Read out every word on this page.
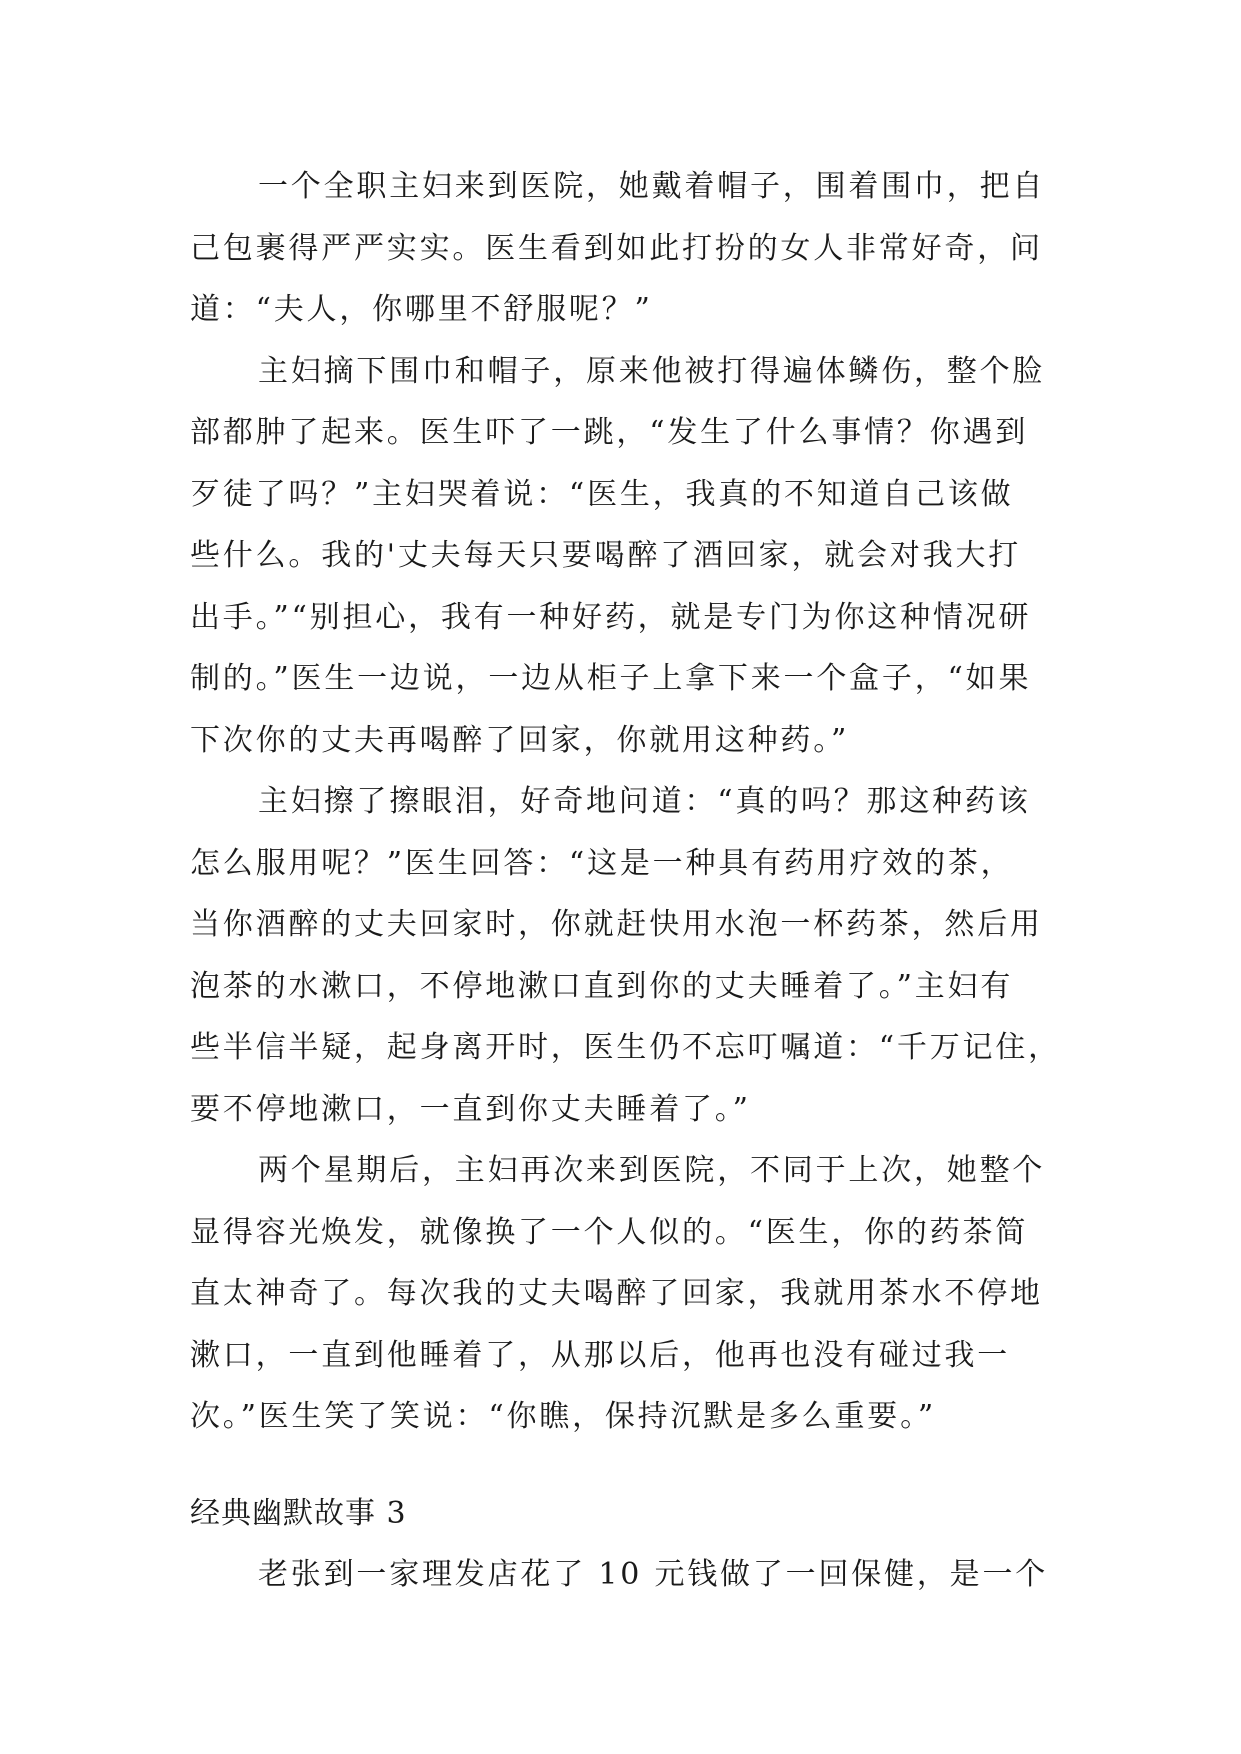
一个全职主妇来到医院，她戴着帽子，围着围巾，把自
己包裹得严严实实。医生看到如此打扮的女人非常好奇，问
道：“夫人，你哪里不舒服呢？”
主妇摘下围巾和帽子，原来他被打得遍体鳞伤，整个脸
部都肿了起来。医生吓了一跳，“发生了什么事情？你遇到
歹徒了吗？”主妇哭着说：“医生，我真的不知道自己该做
些什么。我的'丈夫每天只要喝醉了酒回家，就会对我大打
出手。”“别担心，我有一种好药，就是专门为你这种情况研
制的。”医生一边说，一边从柜子上拿下来一个盒子，“如果
下次你的丈夫再喝醉了回家，你就用这种药。”
主妇擦了擦眼泪，好奇地问道：“真的吗？那这种药该
怎么服用呢？”医生回答：“这是一种具有药用疗效的茶，
当你酒醉的丈夫回家时，你就赶快用水泡一杯药茶，然后用
泡茶的水漱口，不停地漱口直到你的丈夫睡着了。”主妇有
些半信半疑，起身离开时，医生仍不忘叮嘱道：“千万记住，
要不停地漱口，一直到你丈夫睡着了。”
两个星期后，主妇再次来到医院，不同于上次，她整个
显得容光焕发，就像换了一个人似的。“医生，你的药茶简
直太神奇了。每次我的丈夫喝醉了回家，我就用茶水不停地
漱口，一直到他睡着了，从那以后，他再也没有碰过我一
次。”医生笑了笑说：“你瞧，保持沉默是多么重要。”
经典幽默故事 3
老张到一家理发店花了 10 元钱做了一回保健，是一个
